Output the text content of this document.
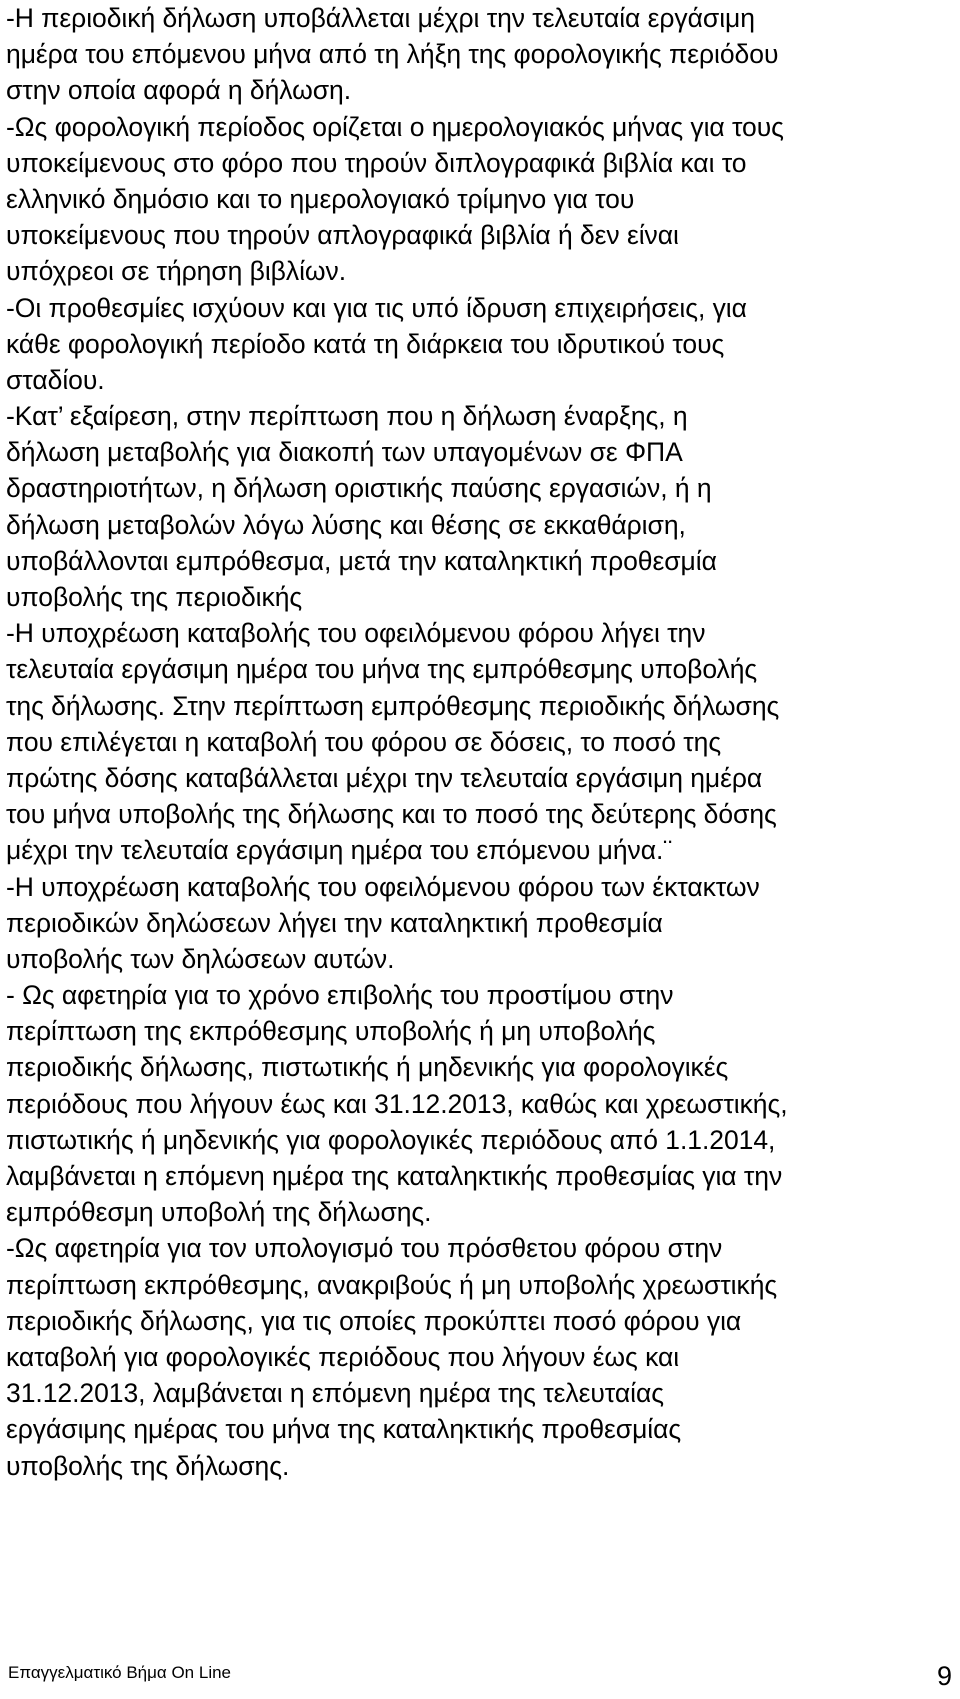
-Η περιοδική δήλωση υποβάλλεται μέχρι την τελευταία εργάσιμη
ημέρα του επόμενου μήνα από τη λήξη της φορολογικής περιόδου
στην οποία αφορά η δήλωση.
-Ως φορολογική περίοδος ορίζεται ο ημερολογιακός μήνας για τους
υποκείμενους στο φόρο που τηρούν διπλογραφικά βιβλία και το
ελληνικό δημόσιο και το ημερολογιακό τρίμηνο για του
υποκείμενους που τηρούν απλογραφικά βιβλία ή δεν είναι
υπόχρεοι σε τήρηση βιβλίων.
-Οι προθεσμίες ισχύουν και για τις υπό ίδρυση επιχειρήσεις, για
κάθε φορολογική περίοδο κατά τη διάρκεια του ιδρυτικού τους
σταδίου.
-Κατ’ εξαίρεση, στην περίπτωση που η δήλωση έναρξης, η
δήλωση μεταβολής για διακοπή των υπαγομένων σε ΦΠΑ
δραστηριοτήτων, η δήλωση οριστικής παύσης εργασιών, ή η
δήλωση μεταβολών λόγω λύσης και θέσης σε εκκαθάριση,
υποβάλλονται εμπρόθεσμα, μετά την καταληκτική προθεσμία
υποβολής της περιοδικής
-Η υποχρέωση καταβολής του οφειλόμενου φόρου λήγει την
τελευταία εργάσιμη ημέρα του μήνα της εμπρόθεσμης υποβολής
της δήλωσης. Στην περίπτωση εμπρόθεσμης περιοδικής δήλωσης
που επιλέγεται η καταβολή του φόρου σε δόσεις, το ποσό της
πρώτης δόσης καταβάλλεται μέχρι την τελευταία εργάσιμη ημέρα
του μήνα υποβολής της δήλωσης και το ποσό της δεύτερης δόσης
μέχρι την τελευταία εργάσιμη ημέρα του επόμενου μήνα.¨
-Η υποχρέωση καταβολής του οφειλόμενου φόρου των έκτακτων
περιοδικών δηλώσεων λήγει την καταληκτική προθεσμία
υποβολής των δηλώσεων αυτών.
- Ως αφετηρία για το χρόνο επιβολής του προστίμου στην
περίπτωση της εκπρόθεσμης υποβολής ή μη υποβολής
περιοδικής δήλωσης, πιστωτικής ή μηδενικής για φορολογικές
περιόδους που λήγουν έως και 31.12.2013, καθώς και χρεωστικής,
πιστωτικής ή μηδενικής για φορολογικές περιόδους από 1.1.2014,
λαμβάνεται η επόμενη ημέρα της καταληκτικής προθεσμίας για την
εμπρόθεσμη υποβολή της δήλωσης.
-Ως αφετηρία για τον υπολογισμό του πρόσθετου φόρου στην
περίπτωση εκπρόθεσμης, ανακριβούς ή μη υποβολής χρεωστικής
περιοδικής δήλωσης, για τις οποίες προκύπτει ποσό φόρου για
καταβολή για φορολογικές περιόδους που λήγουν έως και
31.12.2013, λαμβάνεται η επόμενη ημέρα της τελευταίας
εργάσιμης ημέρας του μήνα της καταληκτικής προθεσμίας
υποβολής της δήλωσης.
Επαγγελματικό Βήμα On Line	9
